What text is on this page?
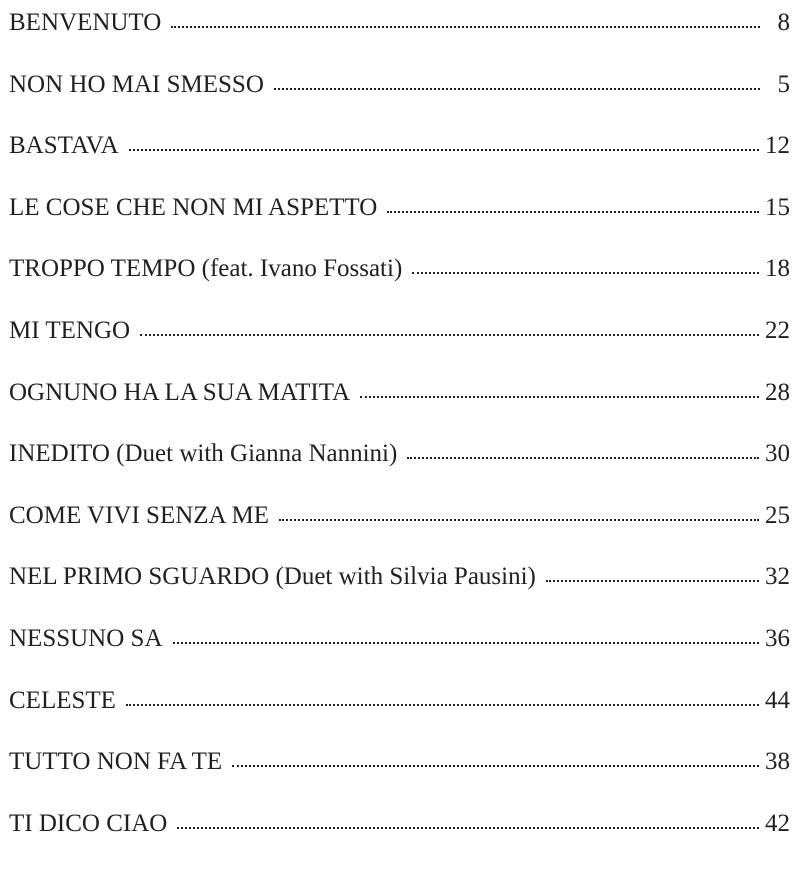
BENVENUTO	8
NON HO MAI SMESSO	5
BASTAVA	12
LE COSE CHE NON MI ASPETTO	15
TROPPO TEMPO (feat. Ivano Fossati)	18
MI TENGO	22
OGNUNO HA LA SUA MATITA	28
INEDITO (Duet with Gianna Nannini)	30
COME VIVI SENZA ME	25
NEL PRIMO SGUARDO (Duet with Silvia Pausini)	32
NESSUNO SA	36
CELESTE	44
TUTTO NON FA TE	38
TI DICO CIAO	42
